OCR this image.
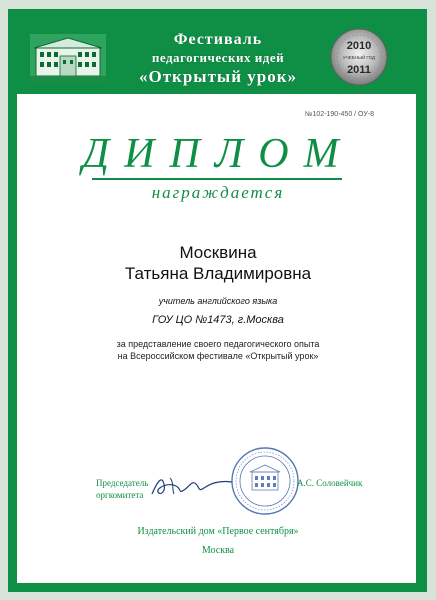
Фестиваль
педагогических идей
«Открытый урок»
2010
УЧЕБНЫЙ ГОД
2011
№102-190-450 / ОУ-8
ДИПЛОМ
награждается
Москвина
Татьяна Владимировна
учитель английского языка
ГОУ ЦО №1473, г.Москва
за представление своего педагогического опыта
на Всероссийском фестивале «Открытый урок»
Председатель
оргкомитета
А.С. Соловейчик
Издательский дом «Первое сентября»
Москва
